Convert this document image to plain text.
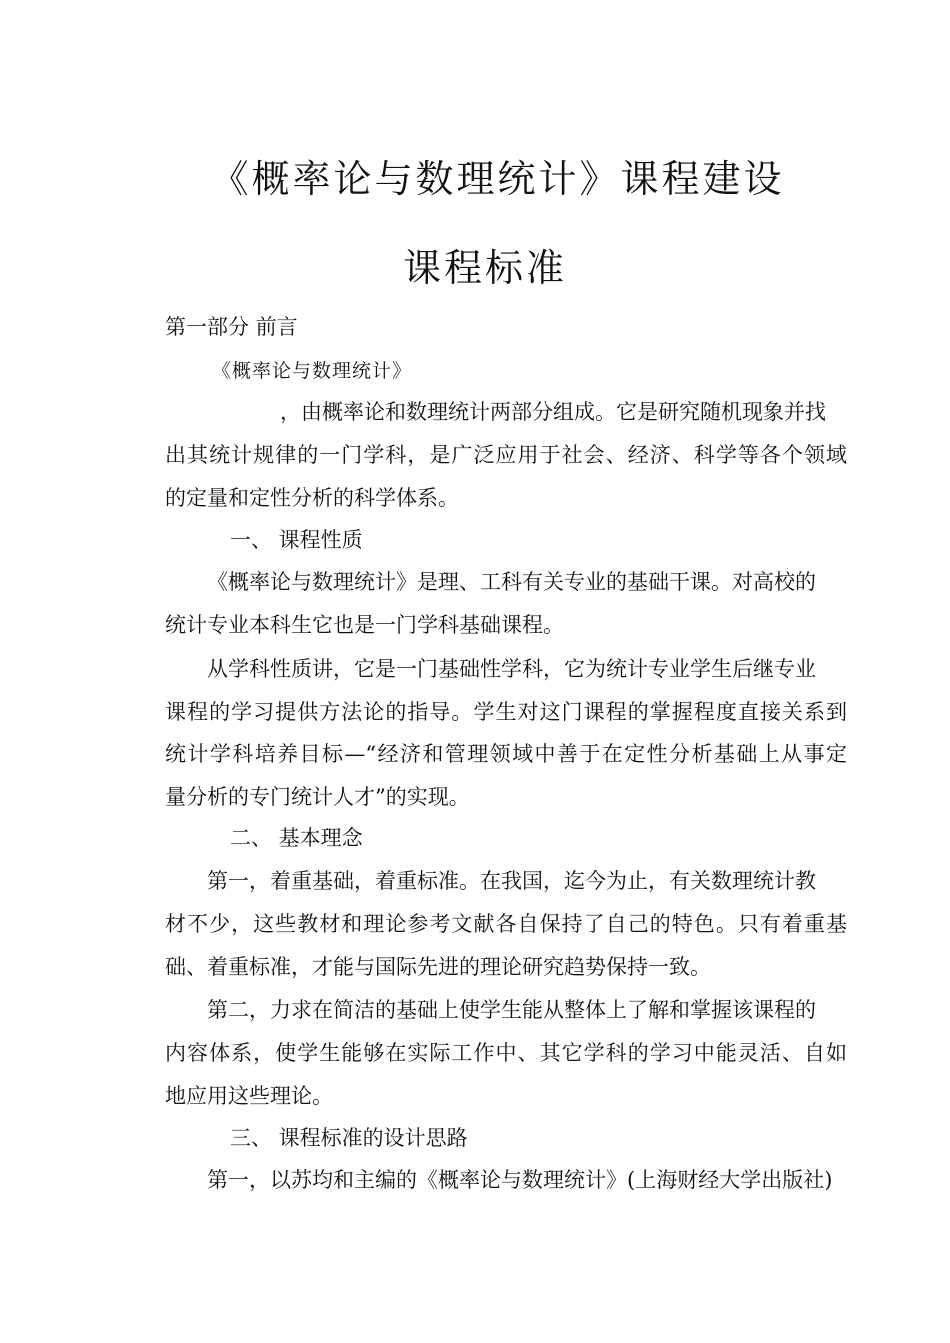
《概率论与数理统计》课程建设
课程标准
第一部分 前言
《概率论与数理统计》
，由概率论和数理统计两部分组成。它是研究随机现象并找
出其统计规律的一门学科，是广泛应用于社会、经济、科学等各个领域
的定量和定性分析的科学体系。
一、 课程性质
《概率论与数理统计》是理、工科有关专业的基础干课。对高校的
统计专业本科生它也是一门学科基础课程。
从学科性质讲，它是一门基础性学科，它为统计专业学生后继专业
课程的学习提供方法论的指导。学生对这门课程的掌握程度直接关系到
统计学科培养目标—“经济和管理领域中善于在定性分析基础上从事定
量分析的专门统计人才”的实现。
二、 基本理念
第一，着重基础，着重标准。在我国，迄今为止，有关数理统计教
材不少，这些教材和理论参考文献各自保持了自己的特色。只有着重基
础、着重标准，才能与国际先进的理论研究趋势保持一致。
第二，力求在简洁的基础上使学生能从整体上了解和掌握该课程的
内容体系，使学生能够在实际工作中、其它学科的学习中能灵活、自如
地应用这些理论。
三、 课程标准的设计思路
第一，以苏均和主编的《概率论与数理统计》(上海财经大学出版社)
